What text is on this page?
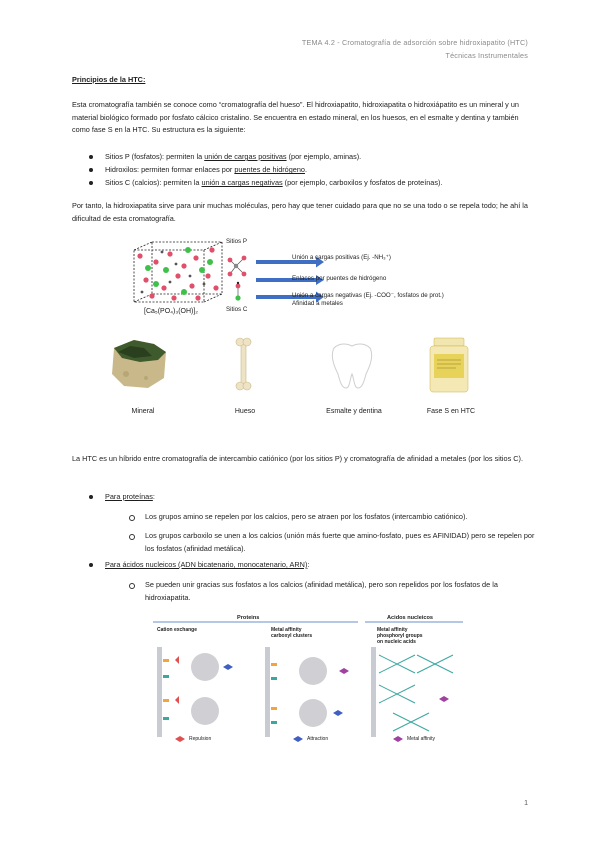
TEMA 4.2 - Cromatografía de adsorción sobre hidroxiapatito (HTC)
Técnicas Instrumentales
Principios de la HTC:
Esta cromatografía también se conoce como “cromatografía del hueso”. El hidroxiapatito, hidroxiapatita o hidroxiápatito es un mineral y un material biológico formado por fosfato cálcico cristalino. Se encuentra en estado mineral, en los huesos, en el esmalte y dentina y también como fase S en la HTC. Su estructura es la siguiente:
Sitios P (fosfatos): permiten la unión de cargas positivas (por ejemplo, aminas).
Hidroxilos: permiten formar enlaces por puentes de hidrógeno.
Sitios C (calcios): permiten la unión a cargas negativas (por ejemplo, carboxilos y fosfatos de proteínas).
Por tanto, la hidroxiapatita sirve para unir muchas moléculas, pero hay que tener cuidado para que no se una todo o se repela todo; he ahí la dificultad de esta cromatografía.
Sitios P
Sitios C
[Ca₅(PO₄)₃(OH)]₂
Unión a cargas positivas (Ej. -NH₃⁺)
Enlaces por puentes de hidrógeno
Unión a cargas negativas (Ej. -COO⁻, fosfatos de prot.)
Afinidad a metales
Mineral	Hueso	Esmalte y dentina	Fase S en HTC
La HTC es un híbrido entre cromatografía de intercambio catiónico (por los sitios P) y cromatografía de afinidad a metales (por los sitios C).
Para proteínas:
Los grupos amino se repelen por los calcios, pero se atraen por los fosfatos (intercambio catiónico).
Los grupos carboxilo se unen a los calcios (unión más fuerte que amino-fosfato, pues es AFINIDAD) pero se repelen por los fosfatos (afinidad metálica).
Para ácidos nucleicos (ADN bicatenario, monocatenario, ARN):
Se pueden unir gracias sus fosfatos a los calcios (afinidad metálica), pero son repelidos por los fosfatos de la hidroxiapatita.
Proteins	Acidos nucleicos
Cation exchange	Metal affinity
carboxyl clusters
Metal affinity
phosphoryl groups
on nucleic acids
Repulsion	Attraction	Metal affinity
1
